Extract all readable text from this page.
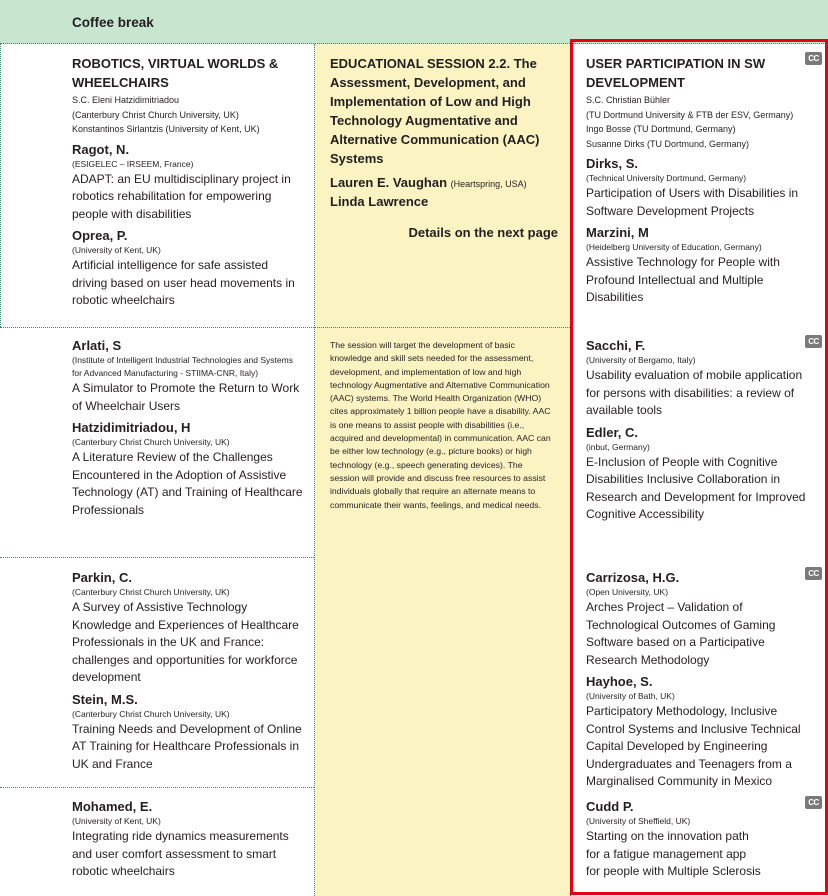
Coffee break
ROBOTICS, VIRTUAL WORLDS & WHEELCHAIRS
S.C. Eleni Hatzidimitriadou
(Canterbury Christ Church University, UK)
Konstantinos Sirlantzis (University of Kent, UK)
Ragot, N.
(ESIGELEC – IRSEEM, France)
ADAPT: an EU multidisciplinary project in robotics rehabilitation for empowering people with disabilities
Oprea, P.
(University of Kent, UK)
Artificial intelligence for safe assisted driving based on user head movements in robotic wheelchairs
Arlati, S
(Institute of Intelligent Industrial Technologies and Systems for Advanced Manufacturing - STIIMA-CNR, Italy)
A Simulator to Promote the Return to Work of Wheelchair Users
Hatzidimitriadou, H
(Canterbury Christ Church University, UK)
A Literature Review of the Challenges Encountered in the Adoption of Assistive Technology (AT) and Training of Healthcare Professionals
Parkin, C.
(Canterbury Christ Church University, UK)
A Survey of Assistive Technology Knowledge and Experiences of Healthcare Professionals in the UK and France: challenges and opportunities for workforce development
Stein, M.S.
(Canterbury Christ Church University, UK)
Training Needs and Development of Online AT Training for Healthcare Professionals in UK and France
Mohamed, E.
(University of Kent, UK)
Integrating ride dynamics measurements and user comfort assessment to smart robotic wheelchairs
EDUCATIONAL SESSION 2.2. The Assessment, Development, and Implementation of Low and High Technology Augmentative and Alternative Communication (AAC) Systems
Lauren E. Vaughan (Heartspring, USA)
Linda Lawrence
Details on the next page
The session will target the development of basic knowledge and skill sets needed for the assessment, development, and implementation of low and high technology Augmentative and Alternative Communication (AAC) systems. The World Health Organization (WHO) cites approximately 1 billion people have a disability. AAC is one means to assist people with disabilities (i.e., acquired and developmental) in communication. AAC can be either low technology (e.g., picture books) or high technology (e.g., speech generating devices). The session will provide and discuss free resources to assist individuals globally that require an alternate means to communicate their wants, feelings, and medical needs.
CC
CC
CC
CC
USER PARTICIPATION IN SW DEVELOPMENT
S.C. Christian Bühler
(TU Dortmund University & FTB der ESV, Germany)
Ingo Bosse (TU Dortmund, Germany)
Susanne Dirks (TU Dortmund, Germany)
Dirks, S.
(Technical University Dortmund, Germany)
Participation of Users with Disabilities in Software Development Projects
Marzini, M
(Heidelberg University of Education, Germany)
Assistive Technology for People with Profound Intellectual and Multiple Disabilities
Sacchi, F.
(University of Bergamo, Italy)
Usability evaluation of mobile application for persons with disabilities: a review of available tools
Edler, C.
(inbut, Germany)
E-Inclusion of People with Cognitive Disabilities Inclusive Collaboration in Research and Development for Improved Cognitive Accessibility
Carrizosa, H.G.
(Open University, UK)
Arches Project – Validation of Technological Outcomes of Gaming Software based on a Participative Research Methodology
Hayhoe, S.
(University of Bath, UK)
Participatory Methodology, Inclusive Control Systems and Inclusive Technical Capital Developed by Engineering Undergraduates and Teenagers from a Marginalised Community in Mexico
Cudd P.
(University of Sheffield, UK)
Starting on the innovation path for a fatigue management app for people with Multiple Sclerosis
